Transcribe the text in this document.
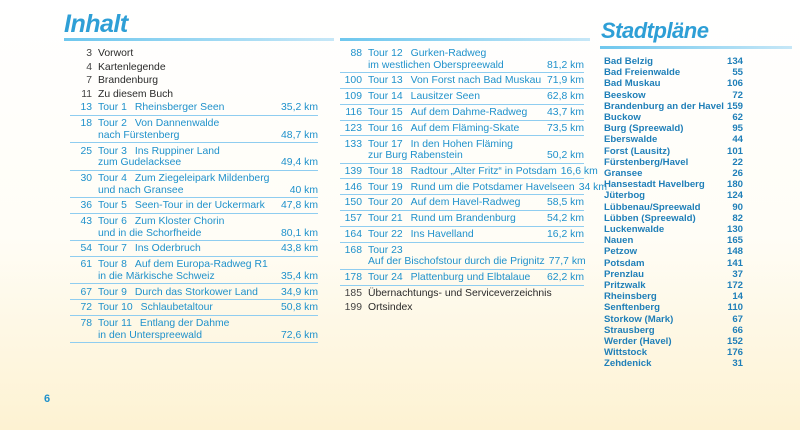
Inhalt	Stadtpläne
3 Vorwort
4 Kartenlegende
7 Brandenburg
11 Zu diesem Buch
13 Tour 1 Rheinsberger Seen	35,2 km
18 Tour 2 Von Dannenwalde
nach Fürstenberg	48,7 km
25 Tour 3 Ins Ruppiner Land
zum Gudelacksee	49,4 km
30 Tour 4 Zum Ziegeleipark Mildenberg
und nach Gransee	40 km
36 Tour 5 Seen-Tour in der Uckermark	47,8 km
43 Tour 6 Zum Kloster Chorin
und in die Schorfheide	80,1 km
54 Tour 7 Ins Oderbruch	43,8 km
61 Tour 8 Auf dem Europa-Radweg R1
in die Märkische Schweiz	35,4 km
67 Tour 9 Durch das Storkower Land	34,9 km
72 Tour 10 Schlaubetaltour	50,8 km
78 Tour 11 Entlang der Dahme
in den Unterspreewald	72,6 km
88 Tour 12 Gurken-Radweg
im westlichen Oberspreewald	81,2 km
100 Tour 13 Von Forst nach Bad Muskau 71,9 km
109 Tour 14 Lausitzer Seen	62,8 km
116 Tour 15 Auf dem Dahme-Radweg	43,7 km
123 Tour 16 Auf dem Fläming-Skate	73,5 km
133 Tour 17 In den Hohen Fläming
zur Burg Rabenstein	50,2 km
139 Tour 18 Radtour „Alter Fritz“ in Potsdam 16,6 km
146 Tour 19 Rund um die Potsdamer Havelseen 34 km
150 Tour 20 Auf dem Havel-Radweg	58,5 km
157 Tour 21 Rund um Brandenburg	54,2 km
164 Tour 22 Ins Havelland	16,2 km
168 Tour 23
Auf der Bischofstour durch die Prignitz 77,7 km
178 Tour 24 Plattenburg und Elbtalaue	62,2 km
185 Übernachtungs- und Serviceverzeichnis
199 Ortsindex
Bad Belzig	134
Bad Freienwalde	55
Bad Muskau	106
Beeskow	72
Brandenburg an der Havel 159
Buckow	62
Burg (Spreewald)	95
Eberswalde	44
Forst (Lausitz)	101
Fürstenberg/Havel	22
Gransee	26
Hansestadt Havelberg 180
Jüterbog	124
Lübbenau/Spreewald	90
Lübben (Spreewald)	82
Luckenwalde	130
Nauen	165
Petzow	148
Potsdam	141
Prenzlau	37
Pritzwalk	172
Rheinsberg	14
Senftenberg	110
Storkow (Mark)	67
Strausberg	66
Werder (Havel)	152
Wittstock	176
Zehdenick	31
6
